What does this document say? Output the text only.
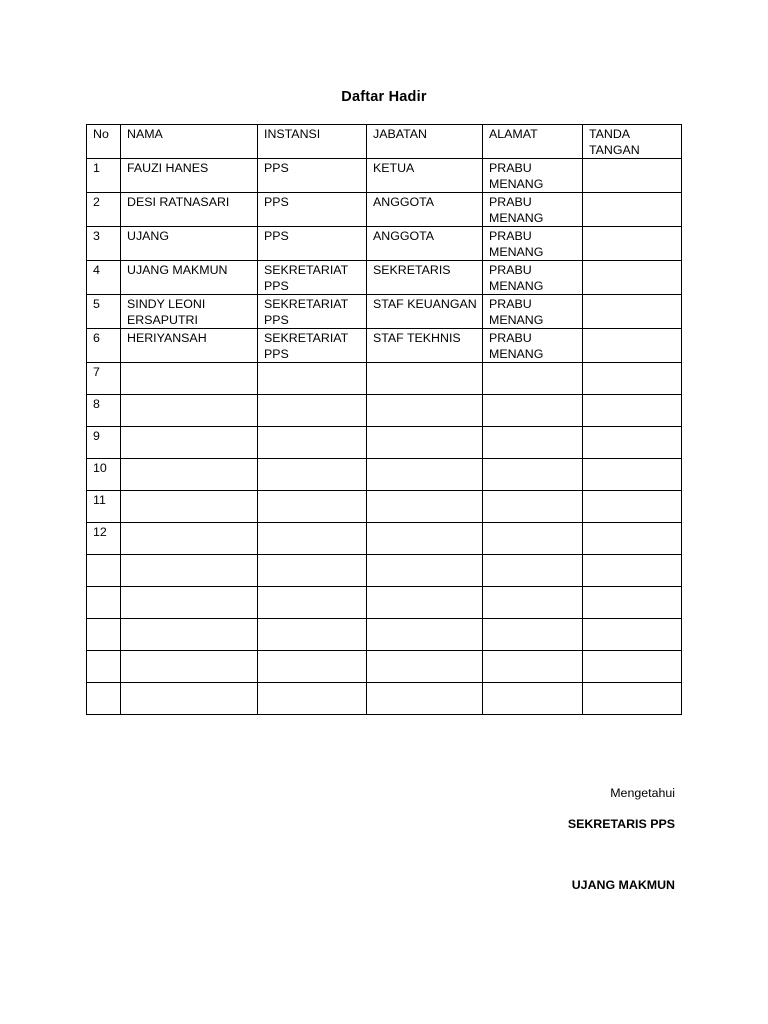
Daftar Hadir
No	NAMA	INSTANSI	JABATAN	ALAMAT	TANDA TANGAN
1	FAUZI HANES	PPS	KETUA	PRABU MENANG	
2	DESI RATNASARI	PPS	ANGGOTA	PRABU MENANG	
3	UJANG	PPS	ANGGOTA	PRABU MENANG	
4	UJANG MAKMUN	SEKRETARIAT PPS	SEKRETARIS	PRABU MENANG	
5	SINDY LEONI ERSAPUTRI	SEKRETARIAT PPS	STAF KEUANGAN	PRABU MENANG	
6	HERIYANSAH	SEKRETARIAT PPS	STAF TEKHNIS	PRABU MENANG	
7					
8					
9					
10					
11					
12					

Mengetahui
SEKRETARIS PPS
UJANG MAKMUN
